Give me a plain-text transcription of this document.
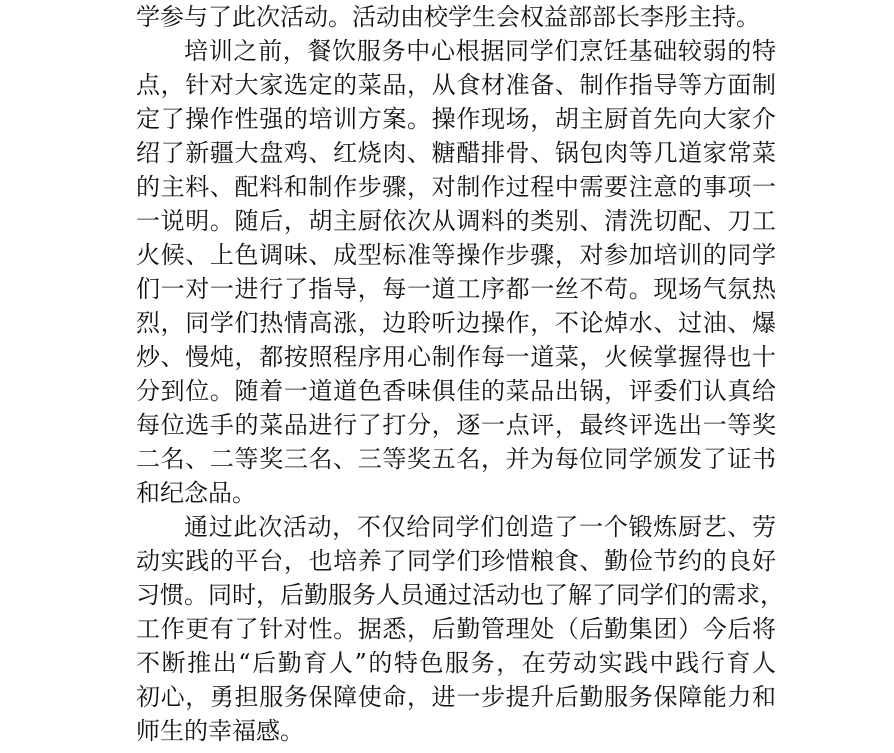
学参与了此次活动。活动由校学生会权益部部长李彤主持。
培训之前，餐饮服务中心根据同学们烹饪基础较弱的特
点，针对大家选定的菜品，从食材准备、制作指导等方面制
定了操作性强的培训方案。操作现场，胡主厨首先向大家介
绍了新疆大盘鸡、红烧肉、糖醋排骨、锅包肉等几道家常菜
的主料、配料和制作步骤，对制作过程中需要注意的事项一
一说明。随后，胡主厨依次从调料的类别、清洗切配、刀工
火候、上色调味、成型标准等操作步骤，对参加培训的同学
们一对一进行了指导，每一道工序都一丝不苟。现场气氛热
烈，同学们热情高涨，边聆听边操作，不论焯水、过油、爆
炒、慢炖，都按照程序用心制作每一道菜，火候掌握得也十
分到位。随着一道道色香味俱佳的菜品出锅，评委们认真给
每位选手的菜品进行了打分，逐一点评，最终评选出一等奖
二名、二等奖三名、三等奖五名，并为每位同学颁发了证书
和纪念品。
通过此次活动，不仅给同学们创造了一个锻炼厨艺、劳
动实践的平台，也培养了同学们珍惜粮食、勤俭节约的良好
习惯。同时，后勤服务人员通过活动也了解了同学们的需求，
工作更有了针对性。据悉，后勤管理处（后勤集团）今后将
不断推出“后勤育人”的特色服务，在劳动实践中践行育人
初心，勇担服务保障使命，进一步提升后勤服务保障能力和
师生的幸福感。
